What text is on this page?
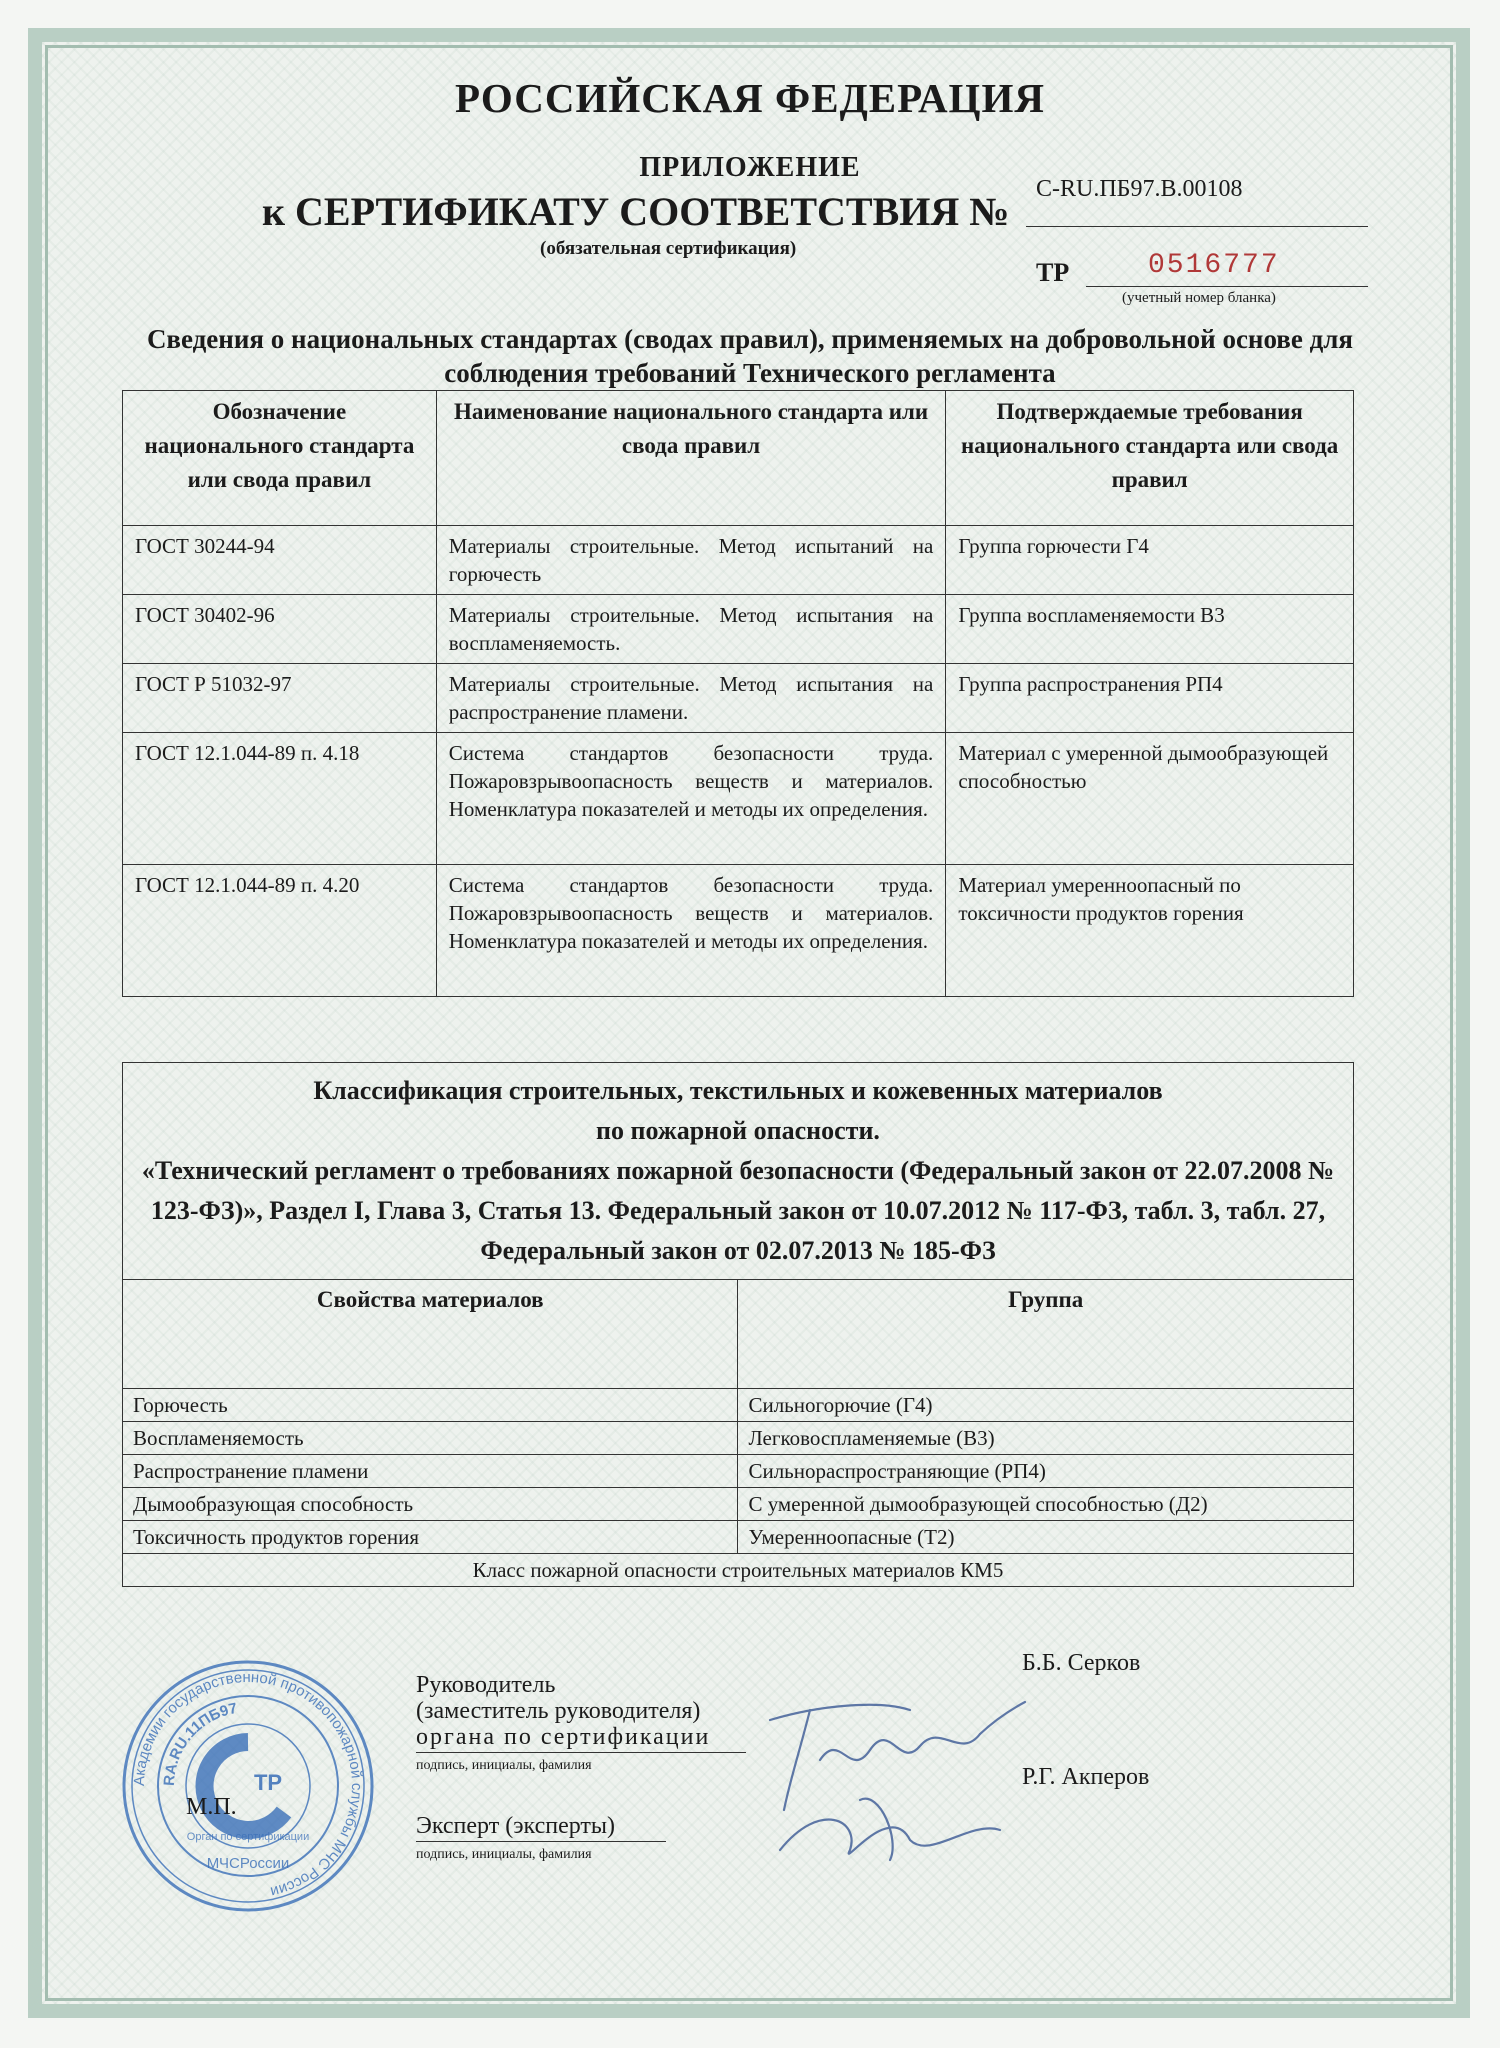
РОССИЙСКАЯ ФЕДЕРАЦИЯ
ПРИЛОЖЕНИЕ
к СЕРТИФИКАТУ СООТВЕТСТВИЯ № C-RU.ПБ97.В.00108
(обязательная сертификация)
ТР	0516777
(учетный номер бланка)
Сведения о национальных стандартах (сводах правил), применяемых на добровольной основе для соблюдения требований Технического регламента
Обозначение национального стандарта или свода правил	Наименование национального стандарта или свода правил	Подтверждаемые требования национального стандарта или свода правил
ГОСТ 30244-94	Материалы строительные. Метод испытаний на горючесть	Группа горючести Г4
ГОСТ 30402-96	Материалы строительные. Метод испытания на воспламеняемость.	Группа воспламеняемости В3
ГОСТ Р 51032-97	Материалы строительные. Метод испытания на распространение пламени.	Группа распространения РП4
ГОСТ 12.1.044-89 п. 4.18	Система стандартов безопасности труда. Пожаровзрывоопасность веществ и материалов. Номенклатура показателей и методы их определения.	Материал с умеренной дымообразующей способностью
ГОСТ 12.1.044-89 п. 4.20	Система стандартов безопасности труда. Пожаровзрывоопасность веществ и материалов. Номенклатура показателей и методы их определения.	Материал умеренноопасный по токсичности продуктов горения
Классификация строительных, текстильных и кожевенных материалов
по пожарной опасности.
«Технический регламент о требованиях пожарной безопасности (Федеральный закон от 22.07.2008 № 123-ФЗ)», Раздел I, Глава 3, Статья 13. Федеральный закон от 10.07.2012 № 117-ФЗ, табл. 3, табл. 27, Федеральный закон от 02.07.2013 № 185-ФЗ	

Свойства материалов	Группа
Горючесть	Сильногорючие (Г4)
Воспламеняемость	Легковоспламеняемые (В3)
Распространение пламени	Сильнораспространяющие (РП4)
Дымообразующая способность	С умеренной дымообразующей способностью (Д2)
Токсичность продуктов горения	Умеренноопасные (Т2)
Класс пожарной опасности строительных материалов КМ5	
Академии государственной противопожарной службы МЧС России
RA.RU.11ПБ97
МЧСРоссии
ТР
Орган по сертификации
М.П.
Руководитель
(заместитель руководителя)
органа по сертификации
подпись, инициалы, фамилия
Эксперт (эксперты)
подпись, инициалы, фамилия
Б.Б. Серков
Р.Г. Акперов
